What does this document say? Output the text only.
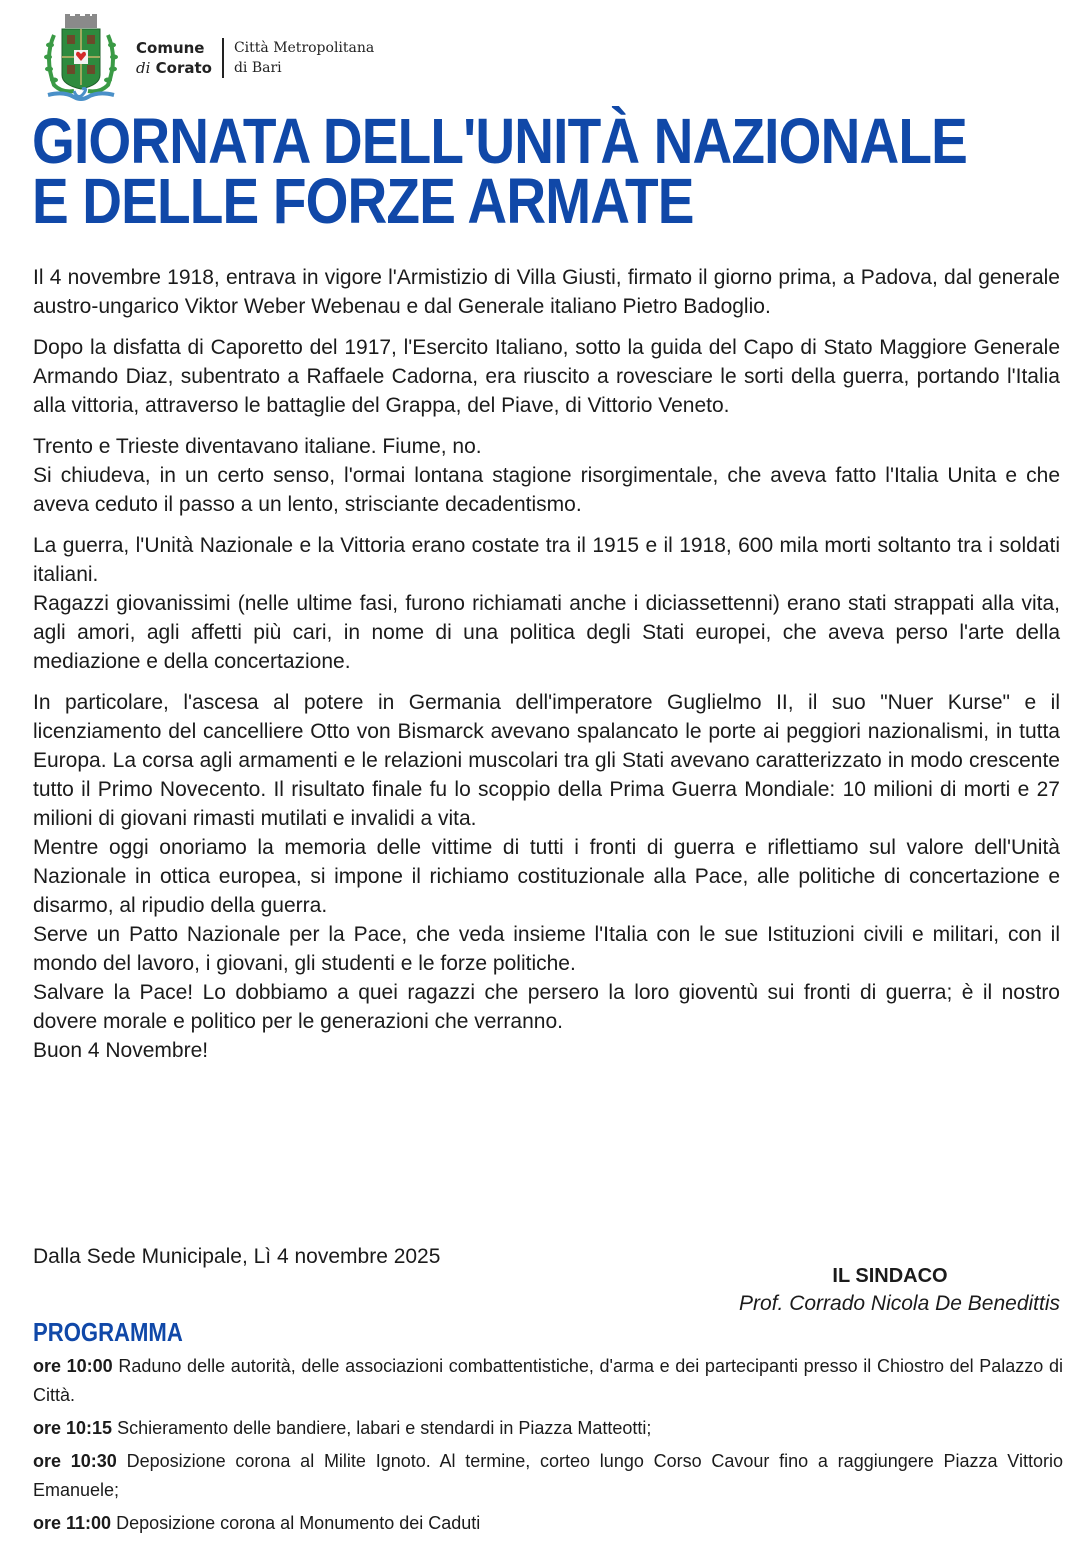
Comune
di Corato
Città Metropolitana
di Bari
GIORNATA DELL'UNITÀ NAZIONALE
E DELLE FORZE ARMATE

Il 4 novembre 1918, entrava in vigore l'Armistizio di Villa Giusti, firmato il giorno prima, a Padova, dal generale austro-ungarico Viktor Weber Webenau e dal Generale italiano Pietro Badoglio.

Dopo la disfatta di Caporetto del 1917, l'Esercito Italiano, sotto la guida del Capo di Stato Maggiore Generale Armando Diaz, subentrato a Raffaele Cadorna, era riuscito a rovesciare le sorti della guerra, portando l'Italia alla vittoria, attraverso le battaglie del Grappa, del Piave, di Vittorio Veneto.

Trento e Trieste diventavano italiane. Fiume, no.
Si chiudeva, in un certo senso, l'ormai lontana stagione risorgimentale, che aveva fatto l'Italia Unita e che aveva ceduto il passo a un lento, strisciante decadentismo.

La guerra, l'Unità Nazionale e la Vittoria erano costate tra il 1915 e il 1918, 600 mila morti soltanto tra i soldati italiani.
Ragazzi giovanissimi (nelle ultime fasi, furono richiamati anche i diciassettenni) erano stati strappati alla vita, agli amori, agli affetti più cari, in nome di una politica degli Stati europei, che aveva perso l'arte della mediazione e della concertazione.

In particolare, l'ascesa al potere in Germania dell'imperatore Guglielmo II, il suo "Nuer Kurse" e il licenziamento del cancelliere Otto von Bismarck avevano spalancato le porte ai peggiori nazionalismi, in tutta Europa. La corsa agli armamenti e le relazioni muscolari tra gli Stati avevano caratterizzato in modo crescente tutto il Primo Novecento. Il risultato finale fu lo scoppio della Prima Guerra Mondiale: 10 milioni di morti e 27 milioni di giovani rimasti mutilati e invalidi a vita.
Mentre oggi onoriamo la memoria delle vittime di tutti i fronti di guerra e riflettiamo sul valore dell'Unità Nazionale in ottica europea, si impone il richiamo costituzionale alla Pace, alle politiche di concertazione e disarmo, al ripudio della guerra.
Serve un Patto Nazionale per la Pace, che veda insieme l'Italia con le sue Istituzioni civili e militari, con il mondo del lavoro, i giovani, gli studenti e le forze politiche.
Salvare la Pace! Lo dobbiamo a quei ragazzi che persero la loro gioventù sui fronti di guerra; è il nostro dovere morale e politico per le generazioni che verranno.
Buon 4 Novembre!

Dalla Sede Municipale, Lì 4 novembre 2025
IL SINDACO
Prof. Corrado Nicola De Benedittis
PROGRAMMA
ore 10:00 Raduno delle autorità, delle associazioni combattentistiche, d'arma e dei partecipanti presso il Chiostro del Palazzo di Città.
ore 10:15 Schieramento delle bandiere, labari e stendardi in Piazza Matteotti;
ore 10:30 Deposizione corona al Milite Ignoto. Al termine, corteo lungo Corso Cavour fino a raggiungere Piazza Vittorio Emanuele;
ore 11:00 Deposizione corona al Monumento dei Caduti
